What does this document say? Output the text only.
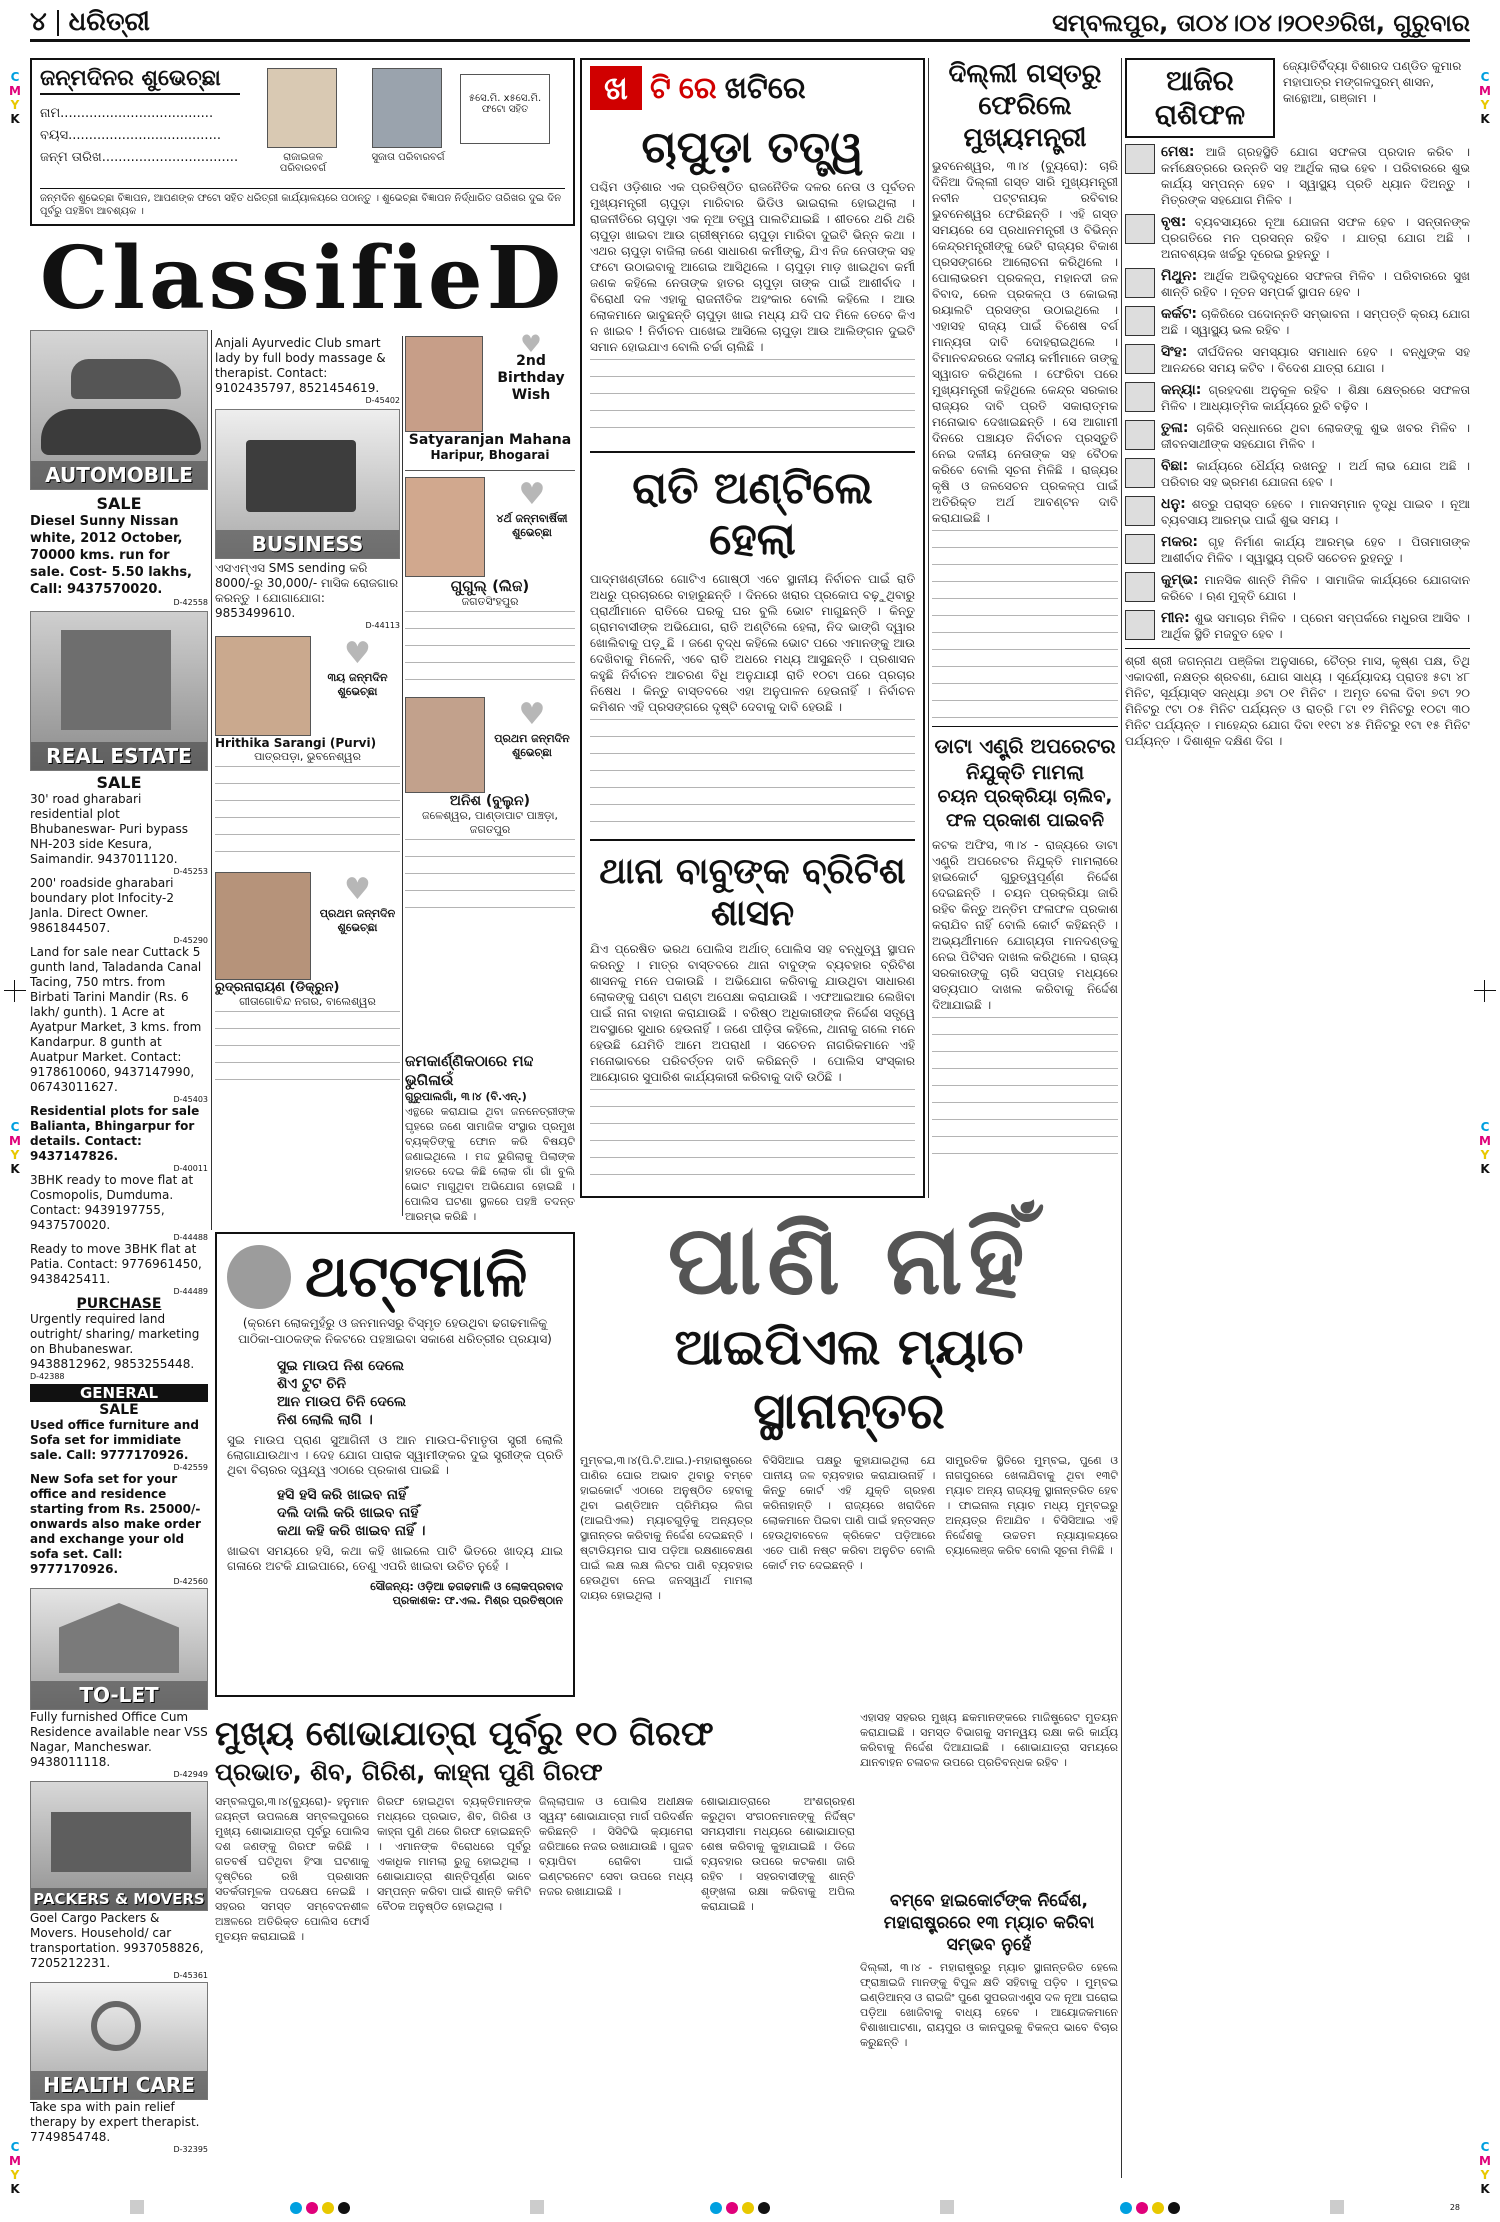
C
M
Y
K
C
M
Y
K
C
M
Y
K
C
M
Y
K
C
M
Y
K
C
M
Y
K
୪ ଧରିତ୍ରୀ	ସମ୍ବଲପୁର, ତା୦୪।୦୪।୨୦୧୬ରିଖ, ଗୁରୁବାର
ଜନ୍ମଦିନର ଶୁଭେଚ୍ଛା
ନାମ.....................................
ବୟସ.....................................
ଜନ୍ମ ତାରିଖ.................................	ରାଜାଇଜଳ ପରିବାରବର୍ଗ
ସୁଜାତା ପରିବାରବର୍ଗ
୫ସେ.ମି. x୫ସେ.ମି. ଫଟୋ ସହିତ
ଜନ୍ମଦିନ ଶୁଭେଚ୍ଛା ବିଜ୍ଞାପନ, ଆପଣଙ୍କ ଫଟୋ ସହିତ ଧରିତ୍ରୀ କାର୍ଯ୍ୟାଳୟରେ ପଠାନ୍ତୁ । ଶୁଭେଚ୍ଛା ବିଜ୍ଞାପନ ନିର୍ଦ୍ଧାରିତ ତାରିଖର ଦୁଇ ଦିନ ପୂର୍ବରୁ ପହଞ୍ଚିବା ଆବଶ୍ୟକ ।
ClassifieD
AUTOMOBILE
SALE
Diesel Sunny Nissan white, 2012 October, 70000 kms. run for sale. Cost- 5.50 lakhs, Call: 9437570020.
D-42558
REAL ESTATE
SALE
30' road gharabari residential plot Bhubaneswar- Puri bypass NH-203 side Kesura, Saimandir. 9437011120.
D-45253
200' roadside gharabari boundary plot Infocity-2 Janla. Direct Owner. 9861844507.
D-45290
Land for sale near Cuttack 5 gunth land, Taladanda Canal Tacing, 750 mtrs. from Birbati Tarini Mandir (Rs. 6 lakh/ gunth). 1 Acre at Ayatpur Market, 3 kms. from Kandarpur. 8 gunth at Auatpur Market. Contact: 9178610060, 9437147990, 06743011627.
D-45403
Residential plots for sale Balianta, Bhingarpur for details. Contact: 9437147826.
D-40011
3BHK ready to move flat at Cosmopolis, Dumduma. Contact: 9439197755, 9437570020.
D-44488
Ready to move 3BHK flat at Patia. Contact: 9776961450, 9438425411.
D-44489
PURCHASE
Urgently required land outright/ sharing/ marketing on Bhubaneswar. 9438812962, 9853255448.
D-42388
GENERAL
SALE
Used office furniture and Sofa set for immidiate sale. Call: 9777170926.
D-42559
New Sofa set for your office and residence starting from Rs. 25000/- onwards also make order and exchange your old sofa set. Call: 9777170926.
D-42560
TO-LET
Fully furnished Office Cum Residence available near VSS Nagar, Mancheswar. 9438011118.
D-42949
PACKERS & MOVERS
Goel Cargo Packers & Movers. Household/ car transportation. 9937058826, 7205212231.
D-45361
HEALTH CARE
Take spa with pain relief therapy by expert therapist. 7749854748.
D-32395
Anjali Ayurvedic Club smart lady by full body massage & therapist. Contact: 9102435797, 8521454619.
D-45402
BUSINESS
ଏସଏମ୍ଏସ SMS sending କରି 8000/-ରୁ 30,000/- ମାସିକ ରୋଜଗାର କରନ୍ତୁ । ଯୋଗାଯୋଗ: 9853499610.
D-44113
♥
୩ୟ ଜନ୍ମଦିନ ଶୁଭେଚ୍ଛା
Hrithika Sarangi (Purvi)
ପାତ୍ରପଡ଼ା, ଭୁବନେଶ୍ୱର
♥
ପ୍ରଥମ ଜନ୍ମଦିନ ଶୁଭେଚ୍ଛା
ରୁଦ୍ରନାରାୟଣ (ଡିକ୍ରୁନ)
ଗୀତାଗୋବିନ୍ଦ ନଗର, ବାଲେଶ୍ୱର
♥
2nd Birthday Wish
Satyaranjan Mahana
Haripur, Bhogarai
♥
୪ର୍ଥ ଜନ୍ମବାର୍ଷିକୀ ଶୁଭେଚ୍ଛା
ଗୁଗୁଲ୍ (ଲିଜ)
ଜଗତସିଂହପୁର
♥
ପ୍ରଥମ ଜନ୍ମଦିନ ଶୁଭେଚ୍ଛା
ଅନିଶ (ବୁଲୁନ)
ଜଳେଶ୍ୱର, ପାଣ୍ଡାପାଟ ପାଞ୍ଚଡ଼ା, ଜଗତପୁର
ଜମକାର୍ଣ୍ଣିକଠାରେ ମଦ୍ଦ ଭୁଗିଳାଉଁ
ଗୁରୁପାଲଗାଁ, ୩।୪ (ବି.ଏନ୍.)
ଏନ୍ଥରେ କରାଯାଇ ଥିବା ଜନନେତ୍ରୀଙ୍କ ଘୃହରେ ଜଣେ ସାମାଜିକ ସଂସ୍ଥାର ପ୍ରମୁଖ ବ୍ୟକ୍ତିଙ୍କୁ ଫୋନ କରି ବିଷୟଟି ଜଣାଇଥିଲେ । ମଦ୍ଦ ଭୁଗିଲାକୁ ପିଲାଙ୍କ ହାତରେ ଦେଇ କିଛି ଲୋକ ଗାଁ ଗାଁ ବୁଲି ଭୋଟ ମାଗୁଥିବା ଅଭିଯୋଗ ହୋଇଛି । ପୋଲିସ ଘଟଣା ସ୍ଥଳରେ ପହଞ୍ଚି ତଦନ୍ତ ଆରମ୍ଭ କରିଛି ।
ଥଟ୍ଟମାଳି
(କ୍ରମେ ଲୋକମୁହଁରୁ ଓ ଜନମାନସରୁ ବିସ୍ମୃତ ହେଉଥିବା ଢଗଢମାଳିକୁ ପାଠିକା-ପାଠକଙ୍କ ନିକଟରେ ପହଞ୍ଚାଇବା ସକାଶେ ଧରିତ୍ରୀର ପ୍ରୟାସ)
ସୁଇ ମାଉପ ନିଶ ଦେଲେ
ଶିଏ ଟୁଟ ଚିନି
ଆନ ମାଉପ ଚିନି ଦେଲେ
ନିଶ ଲୋଲି ଲାଗି ।
ସୁଇ ମାଉପ ପ୍ରାଣ ସୁଆଗିନୀ ଓ ଆନ ମାଉପ-ବିମାତୃତା ସ୍ତ୍ରୀ ଲୋଲି ଲୋଗାଯାଉଥାଏ । ଦେହ ଯୋଗ ପାରାକ ସ୍ୱାମୀଙ୍କର ଦୁଇ ସ୍ତ୍ରୀଙ୍କ ପ୍ରତି ଥିବା ବିଚାରର ଦ୍ୱନ୍ଦ୍ୱ ଏଠାରେ ପ୍ରକାଶ ପାଇଛି ।
ହସି ହସି କରି ଖାଇବ ନାହିଁ
ଦଲି ଦାଲି କରି ଖାଇବ ନାହିଁ
କଥା କହି କରି ଖାଇବ ନାହିଁ ।
ଖାଇବା ସମୟରେ ହସି, କଥା କହି ଖାଇଲେ ପାଟି ଭିତରେ ଖାଦ୍ୟ ଯାଇ ଗଳାରେ ଅଟକି ଯାଇପାରେ, ତେଣୁ ଏପରି ଖାଇବା ଉଚିତ ନୁହେଁ ।
ସୌଜନ୍ୟ: ଓଡ଼ିଆ ଢଗଢମାଳି ଓ ଲୋକପ୍ରବାଦ
ପ୍ରକାଶକ: ଫ.ଏଲ. ମିଶ୍ର ପ୍ରତିଷ୍ଠାନ
ଖ ଟି ରେ ଖଟିରେ
ଚାପୁଡ଼ା ତତ୍ତ୍ୱ
ପଶ୍ଚିମ ଓଡ଼ିଶାର ଏକ ପ୍ରତିଷ୍ଠିତ ରାଜନୈତିକ ଦଳର ନେତା ଓ ପୂର୍ବତନ ମୁଖ୍ୟମନ୍ତ୍ରୀ ଚାପୁଡ଼ା ମାରିବାର ଭିଡିଓ ଭାଇରାଲ ହୋଇଥିଲା । ରାଜନୀତିରେ ଚାପୁଡ଼ା ଏକ ନୂଆ ତତ୍ତ୍ୱ ପାଲଟିଯାଇଛି । ଶୀତରେ ଥରି ଥରି ଚାପୁଡ଼ା ଖାଇବା ଆଉ ଗ୍ରୀଷ୍ମରେ ଚାପୁଡ଼ା ମାରିବା ଦୁଇଟି ଭିନ୍ନ କଥା । ଏଥର ଚାପୁଡ଼ା ବାଜିଲା ଜଣେ ସାଧାରଣ କର୍ମୀଙ୍କୁ, ଯିଏ ନିଜ ନେତାଙ୍କ ସହ ଫଟୋ ଉଠାଇବାକୁ ଆଗେଇ ଆସିଥିଲେ । ଚାପୁଡ଼ା ମାଡ଼ ଖାଇଥିବା କର୍ମୀ ଜଣକ କହିଲେ ନେତାଙ୍କ ହାତର ଚାପୁଡ଼ା ତାଙ୍କ ପାଇଁ ଆଶୀର୍ବାଦ । ବିରୋଧୀ ଦଳ ଏହାକୁ ରାଜନୀତିକ ଅହଂକାର ବୋଲି କହିଲେ । ଆଉ ଲୋକମାନେ ଭାବୁଛନ୍ତି ଚାପୁଡ଼ା ଖାଇ ମଧ୍ୟ ଯଦି ପଦ ମିଳେ ତେବେ କିଏ ନ ଖାଇବ ! ନିର୍ବାଚନ ପାଖେଇ ଆସିଲେ ଚାପୁଡ଼ା ଆଉ ଆଲିଙ୍ଗନ ଦୁଇଟି ସମାନ ହୋଇଯାଏ ବୋଲି ଚର୍ଚ୍ଚା ଚାଲିଛି ।
ରାତି ଅଣ୍ଟିଲେ ହେଲା
ପାଦ୍ମଖଣ୍ଡୀରେ ଗୋଟିଏ ଗୋଷ୍ଠୀ ଏବେ ସ୍ଥାନୀୟ ନିର୍ବାଚନ ପାଇଁ ରାତି ଅଧରୁ ପ୍ରଚାରରେ ବାହାରୁଛନ୍ତି । ଦିନରେ ଖରାର ପ୍ରକୋପ ବଢ଼ୁଥିବାରୁ ପ୍ରାର୍ଥୀମାନେ ରାତିରେ ଘରକୁ ଘର ବୁଲି ଭୋଟ ମାଗୁଛନ୍ତି । କିନ୍ତୁ ଗ୍ରାମବାସୀଙ୍କ ଅଭିଯୋଗ, ରାତି ଅଣ୍ଟିଲେ ହେଲା, ନିଦ ଭାଙ୍ଗି ଦ୍ୱାର ଖୋଲିବାକୁ ପଡ଼ୁଛି । ଜଣେ ବୃଦ୍ଧ କହିଲେ ଭୋଟ ପରେ ଏମାନଙ୍କୁ ଆଉ ଦେଖିବାକୁ ମିଳେନି, ଏବେ ରାତି ଅଧରେ ମଧ୍ୟ ଆସୁଛନ୍ତି । ପ୍ରଶାସନ କହୁଛି ନିର୍ବାଚନ ଆଚରଣ ବିଧି ଅନୁଯାୟୀ ରାତି ୧୦ଟା ପରେ ପ୍ରଚାର ନିଷେଧ । କିନ୍ତୁ ବାସ୍ତବରେ ଏହା ଅନୁପାଳନ ହେଉନାହିଁ । ନିର୍ବାଚନ କମିଶନ ଏହି ପ୍ରସଙ୍ଗରେ ଦୃଷ୍ଟି ଦେବାକୁ ଦାବି ହେଉଛି ।
ଥାନା ବାବୁଙ୍କ ବ୍ରିଟିଶ ଶାସନ
ଯିଏ ପ୍ରେଷିତ ଭରଥ ପୋଲିସ ଅର୍ଥାତ୍ ପୋଲିସ ସହ ବନ୍ଧୁତ୍ୱ ସ୍ଥାପନ କରନ୍ତୁ । ମାତ୍ର ବାସ୍ତବରେ ଥାନା ବାବୁଙ୍କ ବ୍ୟବହାର ବ୍ରିଟିଶ ଶାସନକୁ ମନେ ପକାଉଛି । ଅଭିଯୋଗ କରିବାକୁ ଯାଉଥିବା ସାଧାରଣ ଲୋକଙ୍କୁ ଘଣ୍ଟା ଘଣ୍ଟା ଅପେକ୍ଷା କରାଯାଉଛି । ଏଫଆଇଆର ଲେଖିବା ପାଇଁ ନାନା ବାହାନା କରାଯାଉଛି । ବରିଷ୍ଠ ଅଧିକାରୀଙ୍କ ନିର୍ଦ୍ଦେଶ ସତ୍ତ୍ୱେ ଅବସ୍ଥାରେ ସୁଧାର ହେଉନାହିଁ । ଜଣେ ପୀଡ଼ିତା କହିଲେ, ଥାନାକୁ ଗଲେ ମନେ ହେଉଛି ଯେମିତି ଆମେ ଅପରାଧୀ । ସଚେତନ ନାଗରିକମାନେ ଏହି ମନୋଭାବରେ ପରିବର୍ତ୍ତନ ଦାବି କରିଛନ୍ତି । ପୋଲିସ ସଂସ୍କାର ଆୟୋଗର ସୁପାରିଶ କାର୍ଯ୍ୟକାରୀ କରିବାକୁ ଦାବି ଉଠିଛି ।
ଦିଲ୍ଲୀ ଗସ୍ତରୁ ଫେରିଲେ ମୁଖ୍ୟମନ୍ତ୍ରୀ
ଭୁବନେଶ୍ୱର, ୩।୪ (ବ୍ୟୁରୋ): ଚାରି ଦିନିଆ ଦିଲ୍ଲୀ ଗସ୍ତ ସାରି ମୁଖ୍ୟମନ୍ତ୍ରୀ ନବୀନ ପଟ୍ଟନାୟକ ରବିବାର ଭୁବନେଶ୍ୱର ଫେରିଛନ୍ତି । ଏହି ଗସ୍ତ ସମୟରେ ସେ ପ୍ରଧାନମନ୍ତ୍ରୀ ଓ ବିଭିନ୍ନ କେନ୍ଦ୍ରମନ୍ତ୍ରୀଙ୍କୁ ଭେଟି ରାଜ୍ୟର ବିକାଶ ପ୍ରସଙ୍ଗରେ ଆଲୋଚନା କରିଥିଲେ । ପୋଲାଭରମ ପ୍ରକଳ୍ପ, ମହାନଦୀ ଜଳ ବିବାଦ, ରେଳ ପ୍ରକଳ୍ପ ଓ କୋଇଲା ରୟାଲଟି ପ୍ରସଙ୍ଗ ଉଠାଇଥିଲେ । ଏହାସହ ରାଜ୍ୟ ପାଇଁ ବିଶେଷ ବର୍ଗ ମାନ୍ୟତା ଦାବି ଦୋହରାଇଥିଲେ । ବିମାନବନ୍ଦରରେ ଦଳୀୟ କର୍ମୀମାନେ ତାଙ୍କୁ ସ୍ୱାଗତ କରିଥିଲେ । ଫେରିବା ପରେ ମୁଖ୍ୟମନ୍ତ୍ରୀ କହିଥିଲେ କେନ୍ଦ୍ର ସରକାର ରାଜ୍ୟର ଦାବି ପ୍ରତି ସକାରାତ୍ମକ ମନୋଭାବ ଦେଖାଇଛନ୍ତି । ସେ ଆଗାମୀ ଦିନରେ ପଞ୍ଚାୟତ ନିର୍ବାଚନ ପ୍ରସ୍ତୁତି ନେଇ ଦଳୀୟ ନେତାଙ୍କ ସହ ବୈଠକ କରିବେ ବୋଲି ସୂଚନା ମିଳିଛି । ରାଜ୍ୟର କୃଷି ଓ ଜଳସେଚନ ପ୍ରକଳ୍ପ ପାଇଁ ଅତିରିକ୍ତ ଅର୍ଥ ଆବଣ୍ଟନ ଦାବି କରାଯାଇଛି ।
ଡାଟା ଏଣ୍ଟ୍ରି ଅପରେଟର ନିଯୁକ୍ତି ମାମଲା
ଚୟନ ପ୍ରକ୍ରିୟା ଚାଲିବ, ଫଳ ପ୍ରକାଶ ପାଇବନି
କଟକ ଅଫିସ, ୩।୪ - ରାଜ୍ୟରେ ଡାଟା ଏଣ୍ଟ୍ରି ଅପରେଟର ନିଯୁକ୍ତି ମାମଲାରେ ହାଇକୋର୍ଟ ଗୁରୁତ୍ୱପୂର୍ଣ୍ଣ ନିର୍ଦ୍ଦେଶ ଦେଇଛନ୍ତି । ଚୟନ ପ୍ରକ୍ରିୟା ଜାରି ରହିବ କିନ୍ତୁ ଅନ୍ତିମ ଫଳାଫଳ ପ୍ରକାଶ କରାଯିବ ନାହିଁ ବୋଲି କୋର୍ଟ କହିଛନ୍ତି । ଅଭ୍ୟର୍ଥୀମାନେ ଯୋଗ୍ୟତା ମାନଦଣ୍ଡକୁ ନେଇ ପିଟିସନ ଦାଖଲ କରିଥିଲେ । ରାଜ୍ୟ ସରକାରଙ୍କୁ ଚାରି ସପ୍ତାହ ମଧ୍ୟରେ ସତ୍ୟପାଠ ଦାଖଲ କରିବାକୁ ନିର୍ଦ୍ଦେଶ ଦିଆଯାଇଛି ।
ଆଜିର ରାଶିଫଳ
ଜ୍ୟୋତିର୍ବିଦ୍ୟା ବିଶାରଦ ପଣ୍ଡିତ କୁମାର ମହାପାତ୍ର ମଙ୍ଗଳପୁରମ୍ ଶାସନ, କାନ୍ଥୋଆ, ଗଞ୍ଜାମ ।
ମେଷ: ଆଜି ଗ୍ରହସ୍ଥିତି ଯୋଗ ସଫଳତା ପ୍ରଦାନ କରିବ । କର୍ମକ୍ଷେତ୍ରରେ ଉନ୍ନତି ସହ ଆର୍ଥିକ ଲାଭ ହେବ । ପରିବାରରେ ଶୁଭ କାର୍ଯ୍ୟ ସମ୍ପନ୍ନ ହେବ । ସ୍ୱାସ୍ଥ୍ୟ ପ୍ରତି ଧ୍ୟାନ ଦିଅନ୍ତୁ । ମିତ୍ରଙ୍କ ସହଯୋଗ ମିଳିବ ।
ବୃଷ: ବ୍ୟବସାୟରେ ନୂଆ ଯୋଜନା ସଫଳ ହେବ । ସନ୍ତାନଙ୍କ ପ୍ରଗତିରେ ମନ ପ୍ରସନ୍ନ ରହିବ । ଯାତ୍ରା ଯୋଗ ଅଛି । ଅନାବଶ୍ୟକ ଖର୍ଚ୍ଚରୁ ଦୂରେଇ ରୁହନ୍ତୁ ।
ମିଥୁନ: ଆର୍ଥିକ ଅଭିବୃଦ୍ଧିରେ ସଫଳତା ମିଳିବ । ପରିବାରରେ ସୁଖ ଶାନ୍ତି ରହିବ । ନୂତନ ସମ୍ପର୍କ ସ୍ଥାପନ ହେବ ।
କର୍କଟ: ଚାକିରିରେ ପଦୋନ୍ନତି ସମ୍ଭାବନା । ସମ୍ପତ୍ତି କ୍ରୟ ଯୋଗ ଅଛି । ସ୍ୱାସ୍ଥ୍ୟ ଭଲ ରହିବ ।
ସିଂହ: ଦୀର୍ଘଦିନର ସମସ୍ୟାର ସମାଧାନ ହେବ । ବନ୍ଧୁଙ୍କ ସହ ଆନନ୍ଦରେ ସମୟ କଟିବ । ବିଦେଶ ଯାତ୍ରା ଯୋଗ ।
କନ୍ୟା: ଗ୍ରହଦଶା ଅନୁକୂଳ ରହିବ । ଶିକ୍ଷା କ୍ଷେତ୍ରରେ ସଫଳତା ମିଳିବ । ଆଧ୍ୟାତ୍ମିକ କାର୍ଯ୍ୟରେ ରୁଚି ବଢ଼ିବ ।
ତୁଳା: ଚାକିରି ସନ୍ଧାନରେ ଥିବା ଲୋକଙ୍କୁ ଶୁଭ ଖବର ମିଳିବ । ଜୀବନସାଥୀଙ୍କ ସହଯୋଗ ମିଳିବ ।
ବିଛା: କାର୍ଯ୍ୟରେ ଧୈର୍ଯ୍ୟ ରଖନ୍ତୁ । ଅର୍ଥ ଲାଭ ଯୋଗ ଅଛି । ପରିବାର ସହ ଭ୍ରମଣ ଯୋଜନା ହେବ ।
ଧନୁ: ଶତ୍ରୁ ପରାସ୍ତ ହେବେ । ମାନସମ୍ମାନ ବୃଦ୍ଧି ପାଇବ । ନୂଆ ବ୍ୟବସାୟ ଆରମ୍ଭ ପାଇଁ ଶୁଭ ସମୟ ।
ମକର: ଗୃହ ନିର୍ମାଣ କାର୍ଯ୍ୟ ଆରମ୍ଭ ହେବ । ପିତାମାତାଙ୍କ ଆଶୀର୍ବାଦ ମିଳିବ । ସ୍ୱାସ୍ଥ୍ୟ ପ୍ରତି ସଚେତନ ରୁହନ୍ତୁ ।
କୁମ୍ଭ: ମାନସିକ ଶାନ୍ତି ମିଳିବ । ସାମାଜିକ କାର୍ଯ୍ୟରେ ଯୋଗଦାନ କରିବେ । ଋଣ ମୁକ୍ତି ଯୋଗ ।
ମୀନ: ଶୁଭ ସମାଚାର ମିଳିବ । ପ୍ରେମ ସମ୍ପର୍କରେ ମଧୁରତା ଆସିବ । ଆର୍ଥିକ ସ୍ଥିତି ମଜବୁତ ହେବ ।
ଶ୍ରୀ ଶ୍ରୀ ଜଗନ୍ନାଥ ପଞ୍ଜିକା ଅନୁସାରେ, ଚୈତ୍ର ମାସ, କୃଷ୍ଣ ପକ୍ଷ, ତିଥି ଏକାଦଶୀ, ନକ୍ଷତ୍ର ଶ୍ରବଣା, ଯୋଗ ସାଧ୍ୟ । ସୂର୍ଯ୍ୟୋଦୟ ପ୍ରାତଃ ୫ଟା ୪୮ ମିନିଟ, ସୂର୍ଯ୍ୟାସ୍ତ ସନ୍ଧ୍ୟା ୬ଟା ୦୧ ମିନିଟ । ଅମୃତ ବେଳା ଦିବା ୭ଟା ୨୦ ମିନିଟରୁ ୯ଟା ୦୫ ମିନିଟ ପର୍ଯ୍ୟନ୍ତ ଓ ରାତ୍ରି ୮ଟା ୧୨ ମିନିଟରୁ ୧୦ଟା ୩୦ ମିନିଟ ପର୍ଯ୍ୟନ୍ତ । ମାହେନ୍ଦ୍ର ଯୋଗ ଦିବା ୧୧ଟା ୪୫ ମିନିଟରୁ ୧ଟା ୧୫ ମିନିଟ ପର୍ଯ୍ୟନ୍ତ । ଦିଶାଶୂଳ ଦକ୍ଷିଣ ଦିଗ ।
ପାଣି ନାହିଁ
ଆଇପିଏଲ ମ୍ୟାଚ ସ୍ଥାନାନ୍ତର
ମୁମ୍ବଇ,୩।୪(ପି.ଟି.ଆଇ.)-ମହାରାଷ୍ଟ୍ରରେ ପାଣିର ଘୋର ଅଭାବ ଥିବାରୁ ବମ୍ବେ ହାଇକୋର୍ଟ ଏଠାରେ ଅନୁଷ୍ଠିତ ହେବାକୁ ଥିବା ଇଣ୍ଡିଆନ ପ୍ରିମିୟର ଲିଗ (ଆଇପିଏଲ) ମ୍ୟାଚଗୁଡ଼ିକୁ ଅନ୍ୟତ୍ର ସ୍ଥାନାନ୍ତର କରିବାକୁ ନିର୍ଦ୍ଦେଶ ଦେଇଛନ୍ତି । ଷ୍ଟାଡିୟମର ଘାସ ପଡ଼ିଆ ରକ୍ଷଣାବେକ୍ଷଣ ପାଇଁ ଲକ୍ଷ ଲକ୍ଷ ଲିଟର ପାଣି ବ୍ୟବହାର ହେଉଥିବା ନେଇ ଜନସ୍ୱାର୍ଥ ମାମଲା ଦାୟର ହୋଇଥିଲା ।
ବିସିସିଆଇ ପକ୍ଷରୁ କୁହାଯାଇଥିଲା ଯେ ପାନୀୟ ଜଳ ବ୍ୟବହାର କରାଯାଉନାହିଁ । କିନ୍ତୁ କୋର୍ଟ ଏହି ଯୁକ୍ତି ଗ୍ରହଣ କରିନାହାନ୍ତି । ରାଜ୍ୟରେ ଖରାଦିନେ ଲୋକମାନେ ପିଇବା ପାଣି ପାଇଁ ହନ୍ତସନ୍ତ ହେଉଥିବାବେଳେ କ୍ରିକେଟ ପଡ଼ିଆରେ ଏତେ ପାଣି ନଷ୍ଟ କରିବା ଅନୁଚିତ ବୋଲି କୋର୍ଟ ମତ ଦେଇଛନ୍ତି ।
ସାମ୍ପ୍ରତିକ ସ୍ଥିତିରେ ମୁମ୍ବଇ, ପୁଣେ ଓ ନାଗପୁରରେ ଖେଳାଯିବାକୁ ଥିବା ୧୩ଟି ମ୍ୟାଚ ଅନ୍ୟ ରାଜ୍ୟକୁ ସ୍ଥାନାନ୍ତରିତ ହେବ । ଫାଇନାଲ ମ୍ୟାଚ ମଧ୍ୟ ମୁମ୍ବଇରୁ ଅନ୍ୟତ୍ର ନିଆଯିବ । ବିସିସିଆଇ ଏହି ନିର୍ଦ୍ଦେଶକୁ ଉଚ୍ଚତମ ନ୍ୟାୟାଳୟରେ ଚ୍ୟାଲେଞ୍ଜ କରିବ ବୋଲି ସୂଚନା ମିଳିଛି ।
ବମ୍ବେ ହାଇକୋର୍ଟଙ୍କ ନିର୍ଦ୍ଦେଶ, ମହାରାଷ୍ଟ୍ରରେ ୧୩ ମ୍ୟାଚ କରିବା ସମ୍ଭବ ନୁହେଁ
ଦିଲ୍ଲୀ, ୩।୪ - ମହାରାଷ୍ଟ୍ରରୁ ମ୍ୟାଚ ସ୍ଥାନାନ୍ତରିତ ହେଲେ ଫ୍ରାଞ୍ଚାଇଜି ମାନଙ୍କୁ ବିପୁଳ କ୍ଷତି ସହିବାକୁ ପଡ଼ିବ । ମୁମ୍ବଇ ଇଣ୍ଡିଆନ୍ସ ଓ ରାଇଜିଂ ପୁଣେ ସୁପରଜାଏଣ୍ଟ୍ସ ଦଳ ନୂଆ ଘରୋଇ ପଡ଼ିଆ ଖୋଜିବାକୁ ବାଧ୍ୟ ହେବେ । ଆୟୋଜକମାନେ ବିଶାଖାପାଟଣା, ରାୟପୁର ଓ କାନପୁରକୁ ବିକଳ୍ପ ଭାବେ ବିଚାର କରୁଛନ୍ତି ।
ମୁଖ୍ୟ ଶୋଭାଯାତ୍ରା ପୂର୍ବରୁ ୧୦ ଗିରଫ
ପ୍ରଭାତ, ଶିବ, ଗିରିଶ, କାହ୍ନା ପୁଣି ଗିରଫ
ସମ୍ବଲପୁର,୩।୪(ବ୍ୟୁରୋ)- ହନୁମାନ ଜୟନ୍ତୀ ଉପଲକ୍ଷେ ସମ୍ବଲପୁରରେ ମୁଖ୍ୟ ଶୋଭାଯାତ୍ରା ପୂର୍ବରୁ ପୋଲିସ ଦଶ ଜଣଙ୍କୁ ଗିରଫ କରିଛି । ଗତବର୍ଷ ଘଟିଥିବା ହିଂସା ଘଟଣାକୁ ଦୃଷ୍ଟିରେ ରଖି ପ୍ରଶାସନ ସତର୍କତାମୂଳକ ପଦକ୍ଷେପ ନେଇଛି । ସହରର ସମସ୍ତ ସମ୍ବେଦନଶୀଳ ଅଞ୍ଚଳରେ ଅତିରିକ୍ତ ପୋଲିସ ଫୋର୍ସ ମୁତୟନ କରାଯାଇଛି ।
ଗିରଫ ହୋଇଥିବା ବ୍ୟକ୍ତିମାନଙ୍କ ମଧ୍ୟରେ ପ୍ରଭାତ, ଶିବ, ଗିରିଶ ଓ କାହ୍ନା ପୁଣି ଥରେ ଗିରଫ ହୋଇଛନ୍ତି । ଏମାନଙ୍କ ବିରୋଧରେ ପୂର୍ବରୁ ଏକାଧିକ ମାମଲା ରୁଜୁ ହୋଇଥିଲା । ଶୋଭାଯାତ୍ରା ଶାନ୍ତିପୂର୍ଣ୍ଣ ଭାବେ ସମ୍ପନ୍ନ କରିବା ପାଇଁ ଶାନ୍ତି କମିଟି ବୈଠକ ଅନୁଷ୍ଠିତ ହୋଇଥିଲା ।
ଜିଲ୍ଲାପାଳ ଓ ପୋଲିସ ଅଧୀକ୍ଷକ ସ୍ୱୟଂ ଶୋଭାଯାତ୍ରା ମାର୍ଗ ପରିଦର୍ଶନ କରିଛନ୍ତି । ସିସିଟିଭି କ୍ୟାମେରା ଜରିଆରେ ନଜର ରଖାଯାଉଛି । ଗୁଜବ ବ୍ୟାପିବା ରୋକିବା ପାଇଁ ଇଣ୍ଟରନେଟ ସେବା ଉପରେ ମଧ୍ୟ ନଜର ରଖାଯାଇଛି ।
ଶୋଭାଯାତ୍ରାରେ ଅଂଶଗ୍ରହଣ କରୁଥିବା ସଂଗଠନମାନଙ୍କୁ ନିର୍ଦ୍ଦିଷ୍ଟ ସମୟସୀମା ମଧ୍ୟରେ ଶୋଭାଯାତ୍ରା ଶେଷ କରିବାକୁ କୁହାଯାଇଛି । ଡିଜେ ବ୍ୟବହାର ଉପରେ କଟକଣା ଜାରି ରହିବ । ସହରବାସୀଙ୍କୁ ଶାନ୍ତି ଶୃଙ୍ଖଳା ରକ୍ଷା କରିବାକୁ ଅପିଲ କରାଯାଇଛି ।
ଏହାସହ ସହରର ମୁଖ୍ୟ ଛକମାନଙ୍କରେ ମାଜିଷ୍ଟ୍ରେଟ ମୁତୟନ କରାଯାଇଛି । ସମସ୍ତ ବିଭାଗକୁ ସମନ୍ୱୟ ରକ୍ଷା କରି କାର୍ଯ୍ୟ କରିବାକୁ ନିର୍ଦ୍ଦେଶ ଦିଆଯାଇଛି । ଶୋଭାଯାତ୍ରା ସମୟରେ ଯାନବାହନ ଚଳାଚଳ ଉପରେ ପ୍ରତିବନ୍ଧକ ରହିବ ।
28
